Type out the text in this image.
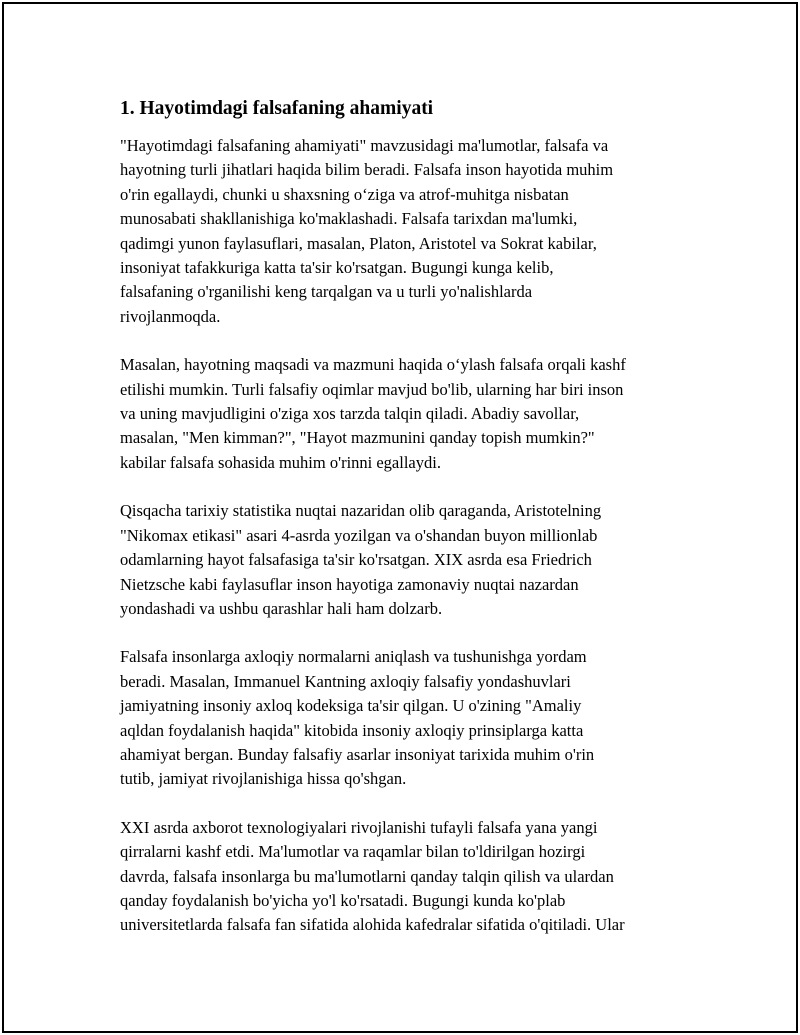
1. Hayotimdagi falsafaning ahamiyati

"Hayotimdagi falsafaning ahamiyati" mavzusidagi ma'lumotlar, falsafa va
hayotning turli jihatlari haqida bilim beradi. Falsafa inson hayotida muhim
o'rin egallaydi, chunki u shaxsning o‘ziga va atrof-muhitga nisbatan
munosabati shakllanishiga ko'maklashadi. Falsafa tarixdan ma'lumki,
qadimgi yunon faylasuflari, masalan, Platon, Aristotel va Sokrat kabilar,
insoniyat tafakkuriga katta ta'sir ko'rsatgan. Bugungi kunga kelib,
falsafaning o'rganilishi keng tarqalgan va u turli yo'nalishlarda
rivojlanmoqda.

Masalan, hayotning maqsadi va mazmuni haqida o‘ylash falsafa orqali kashf
etilishi mumkin. Turli falsafiy oqimlar mavjud bo'lib, ularning har biri inson
va uning mavjudligini o'ziga xos tarzda talqin qiladi. Abadiy savollar,
masalan, "Men kimman?", "Hayot mazmunini qanday topish mumkin?"
kabilar falsafa sohasida muhim o'rinni egallaydi.

Qisqacha tarixiy statistika nuqtai nazaridan olib qaraganda, Aristotelning
"Nikomax etikasi" asari 4-asrda yozilgan va o'shandan buyon millionlab
odamlarning hayot falsafasiga ta'sir ko'rsatgan. XIX asrda esa Friedrich
Nietzsche kabi faylasuflar inson hayotiga zamonaviy nuqtai nazardan
yondashadi va ushbu qarashlar hali ham dolzarb.

Falsafa insonlarga axloqiy normalarni aniqlash va tushunishga yordam
beradi. Masalan, Immanuel Kantning axloqiy falsafiy yondashuvlari
jamiyatning insoniy axloq kodeksiga ta'sir qilgan. U o'zining "Amaliy
aqldan foydalanish haqida" kitobida insoniy axloqiy prinsiplarga katta
ahamiyat bergan. Bunday falsafiy asarlar insoniyat tarixida muhim o'rin
tutib, jamiyat rivojlanishiga hissa qo'shgan.

XXI asrda axborot texnologiyalari rivojlanishi tufayli falsafa yana yangi
qirralarni kashf etdi. Ma'lumotlar va raqamlar bilan to'ldirilgan hozirgi
davrda, falsafa insonlarga bu ma'lumotlarni qanday talqin qilish va ulardan
qanday foydalanish bo'yicha yo'l ko'rsatadi. Bugungi kunda ko'plab
universitetlarda falsafa fan sifatida alohida kafedralar sifatida o'qitiladi. Ular
